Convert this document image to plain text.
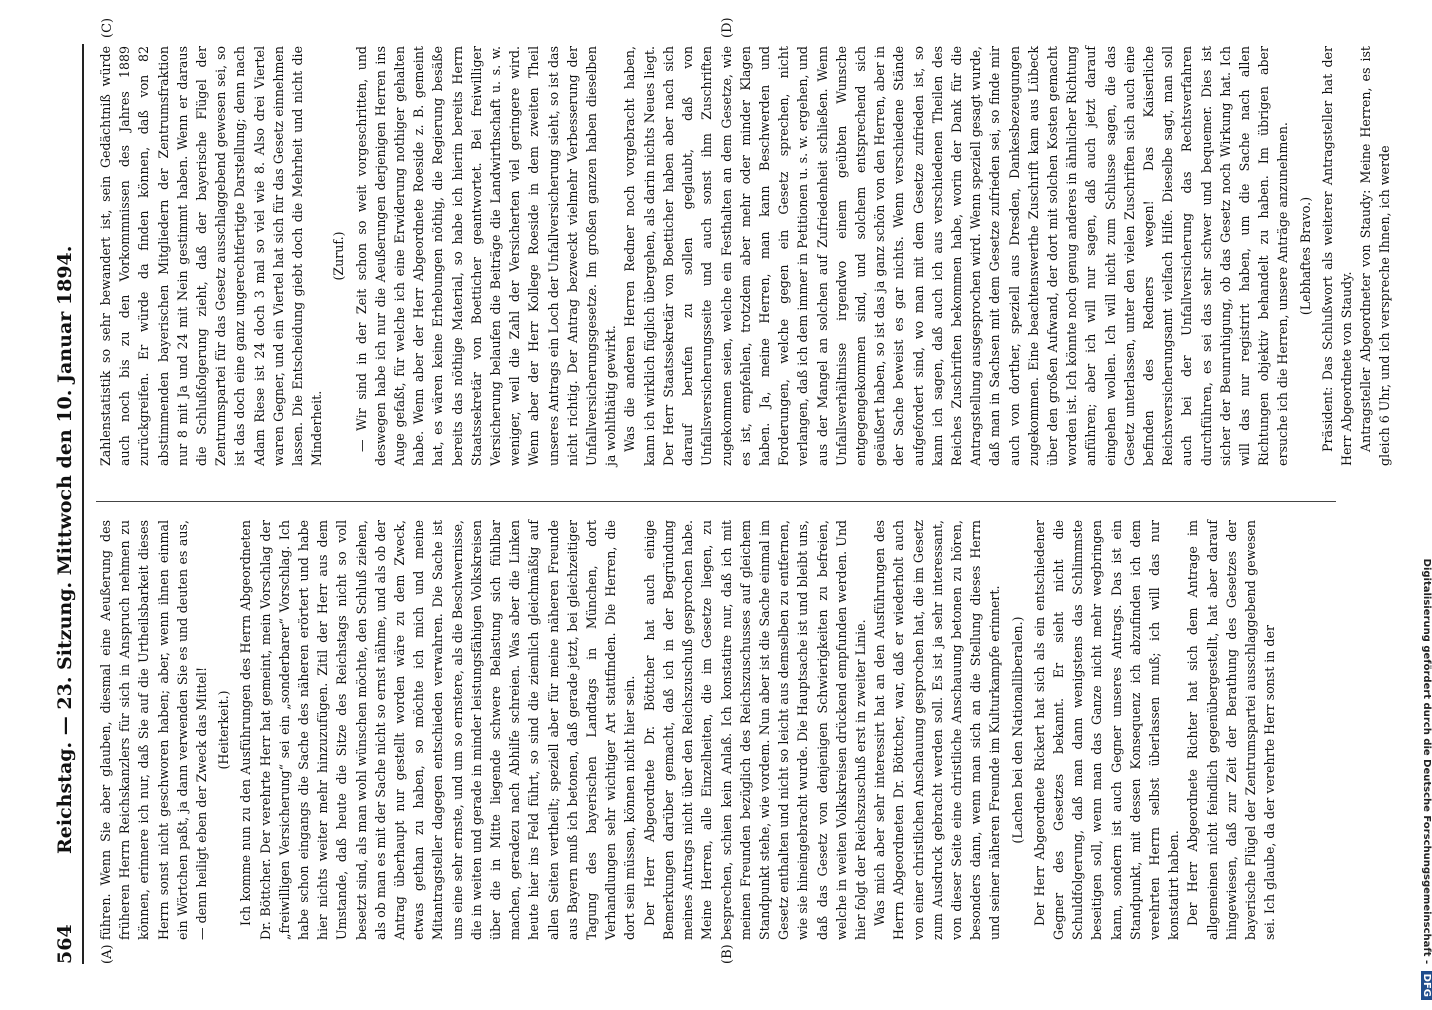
564
Reichstag. — 23. Sitzung. Mittwoch den 10. Januar 1894.
(A)	(B)
(C)	(D)

führen. Wenn Sie aber glauben, diesmal eine Aeußerung des früheren Herrn Reichskanzlers für sich in Anspruch nehmen zu können, erinnere ich nur, daß Sie auf die Urtheilsbarkeit dieses Herrn sonst nicht geschworen haben; aber, wenn ihnen einmal ein Wörtchen paßt, ja dann verwenden Sie es und deuten es aus, — denn heiligt eben der Zweck das Mittel! (Heiterkeit.) Ich komme nun zu den Ausführungen des Herrn Abgeordneten Dr. Böttcher. Der verehrte Herr hat gemeint, mein Vorschlag der „freiwilligen Versicherung“ sei ein „sonderbarer“ Vorschlag. Ich habe schon eingangs die Sache des näheren erörtert und habe hier nichts weiter mehr hinzuzufügen. Zitil der Herr aus dem Umstande, daß heute die Sitze des Reichstags nicht so voll besetzt sind, als man wohl wünschen möchte, den Schluß ziehen, als ob man es mit der Sache nicht so ernst nähme, und als ob der Antrag überhaupt nur gestellt worden wäre zu dem Zweck, etwas gethan zu haben, so möchte ich mich und meine Mitantragsteller dagegen entschieden verwahren. Die Sache ist uns eine sehr ernste, und um so ernstere, als die Beschwernisse, die in weiten und gerade in minder leistungsfähigen Volkskreisen über die in Mitte liegende schwere Belastung sich fühlbar machen, geradezu nach Abhilfe schreien. Was aber die Linken heute hier ins Feld führt, so sind die ziemlich gleichmäßig auf allen Seiten vertheilt; speziell aber für meine näheren Freunde aus Bayern muß ich betonen, daß gerade jetzt, bei gleichzeitiger Tagung des bayerischen Landtags in München, dort Verhandlungen sehr wichtiger Art stattfinden. Die Herren, die dort sein müssen, können nicht hier sein. Der Herr Abgeordnete Dr. Böttcher hat auch einige Bemerkungen darüber gemacht, daß ich in der Begründung meines Antrags nicht über den Reichszuschuß gesprochen habe. Meine Herren, alle Einzelheiten, die im Gesetze liegen, zu besprechen, schien kein Anlaß. Ich konstatire nur, daß ich mit meinen Freunden bezüglich des Reichszuschusses auf gleichem Standpunkt stehe, wie vordem. Nun aber ist die Sache einmal im Gesetz enthalten und nicht so leicht aus demselben zu entfernen, wie sie hineingebracht wurde. Die Hauptsache ist und bleibt uns, daß das Gesetz von denjenigen Schwierigkeiten zu befreien, welche in weiten Volkskreisen drückend empfunden werden. Und hier folgt der Reichszuschuß erst in zweiter Linie. Was mich aber sehr interessirt hat an den Ausführungen des Herrn Abgeordneten Dr. Böttcher, war, daß er wiederholt auch von einer christlichen Anschauung gesprochen hat, die im Gesetz zum Ausdruck gebracht werden soll. Es ist ja sehr interessant, von dieser Seite eine christliche Anschauung betonen zu hören, besonders dann, wenn man sich an die Stellung dieses Herrn und seiner näheren Freunde im Kulturkampfe erinnert. (Lachen bei den Nationalliberalen.) Der Herr Abgeordnete Rickert hat sich als ein entschiedener Gegner des Gesetzes bekannt. Er sieht nicht die Schuldfolgerung, daß man dann wenigstens das Schlimmste beseitigen soll, wenn man das Ganze nicht mehr wegbringen kann, sondern ist auch Gegner unseres Antrags. Das ist ein Standpunkt, mit dessen Konsequenz ich abzufinden ich dem verehrten Herrn selbst überlassen muß; ich will das nur konstatirt haben. Der Herr Abgeordnete Richter hat sich dem Antrage im allgemeinen nicht feindlich gegenübergestellt, hat aber darauf hingewiesen, daß zur Zeit der Berathung des Gesetzes der bayerische Flügel der Zentrumspartei ausschlaggebend gewesen sei. Ich glaube, da der verehrte Herr sonst in der

Zahlenstatistik so sehr bewandert ist, sein Gedächtniß würde auch noch bis zu den Vorkommnissen des Jahres 1889 zurückgreifen. Er würde da finden können, daß von 82 abstimmenden bayerischen Mitgliedern der Zentrumsfraktion nur 8 mit Ja und 24 mit Nein gestimmt haben. Wenn er daraus die Schlußfolgerung zieht, daß der bayerische Flügel der Zentrumspartei für das Gesetz ausschlaggebend gewesen sei, so ist das doch eine ganz ungerechtfertigte Darstellung; denn nach Adam Riese ist 24 doch 3 mal so viel wie 8. Also drei Viertel waren Gegner, und ein Viertel hat sich für das Gesetz einnehmen lassen. Die Entscheidung giebt doch die Mehrheit und nicht die Minderheit.

(Zuruf.) — Wir sind in der Zeit schon so weit vorgeschritten, und deswegen habe ich nur die Aeußerungen derjenigen Herren ins Auge gefaßt, für welche ich eine Erwiderung nothiger gehalten habe. Wenn aber der Herr Abgeordnete Roeside z. B. gemeint hat, es wären keine Erhebungen nöthig, die Regierung besäße bereits das nöthige Material, so habe ich hierin bereits Herrn Staatssekretär von Boetticher geantwortet. Bei freiwilliger Versicherung belaufen die Beiträge die Landwirthschaft u. s. w. weniger, weil die Zahl der Versicherten viel geringere wird. Wenn aber der Herr Kollege Roeside in dem zweiten Theil unseres Antrags ein Loch der Unfallversicherung sieht, so ist das nicht richtig. Der Antrag bezweckt vielmehr Verbesserung der Unfallversicherungsgesetze. Im großen ganzen haben dieselben ja wohlthätig gewirkt. Was die anderen Herren Redner noch vorgebracht haben, kann ich wirklich füglich übergehen, als darin nichts Neues liegt. Der Herr Staatssekretär von Boetticher haben aber nach sich darauf berufen zu sollen geglaubt, daß von Unfallsversicherungsseite und auch sonst ihm Zuschriften zugekommen seien, welche ein Festhalten an dem Gesetze, wie es ist, empfehlen, trotzdem aber mehr oder minder Klagen haben. Ja, meine Herren, man kann Beschwerden und Forderungen, welche gegen ein Gesetz sprechen, nicht verlangen, daß ich dem immer in Petitionen u. s. w. ergehen, und aus der Mangel an solchen auf Zufriedenheit schließen. Wenn Unfallsverhältnisse irgendwo einem geübten Wunsche entgegengekommen sind, und solchem entsprechend sich geäußert haben, so ist das ja ganz schön von den Herren, aber in der Sache beweist es gar nichts. Wenn verschiedene Stände aufgefordert sind, wo man mit dem Gesetze zufrieden ist, so kann ich sagen, daß auch ich aus verschiedenen Theilen des Reiches Zuschriften bekommen habe, worin der Dank für die Antragstellung ausgesprochen wird. Wenn speziell gesagt wurde, daß man in Sachsen mit dem Gesetze zufrieden sei, so finde mir auch von dorther, speziell aus Dresden, Dankesbezeugungen zugekommen. Eine beachtenswerthe Zuschrift kam aus Lübeck über den großen Aufwand, der dort mit solchen Kosten gemacht worden ist. Ich könnte noch genug anderes in ähnlicher Richtung anführen; aber ich will nur sagen, daß auch jetzt darauf eingehen wollen. Ich will nicht zum Schlusse sagen, die das Gesetz unterlassen, unter den vielen Zuschriften sich auch eine befinden des Redners wegen! Das Kaiserliche Reichsversicherungsamt vielfach Hilfe. Dieselbe sagt, man soll auch bei der Unfallversicherung das Rechtsverfahren durchführen, es sei das sehr schwer und bequemer. Dies ist sicher der Beunruhigung, ob das Gesetz noch Wirkung hat. Ich will das nur registrirt haben, um die Sache nach allen Richtungen objektiv behandelt zu haben. Im übrigen aber ersuche ich die Herren, unsere Anträge anzunehmen. (Lebhaftes Bravo.) Präsident: Das Schlußwort als weiterer Antragsteller hat der Herr Abgeordnete von Staudy. Antragsteller Abgeordneter von Staudy: Meine Herren, es ist gleich 6 Uhr, und ich verspreche Ihnen, ich werde

Digitalisierung gefördert durch die Deutsche Forschungsgemeinschaft - DFG
